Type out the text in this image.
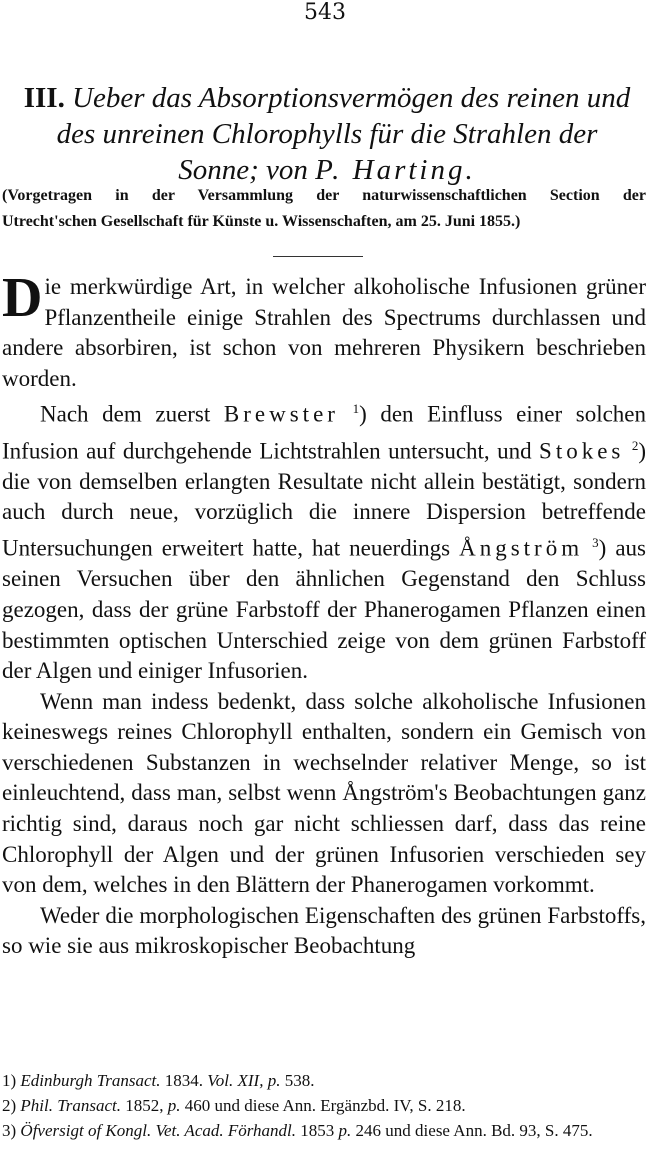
543
III. Ueber das Absorptionsvermögen des reinen und des unreinen Chlorophylls für die Strahlen der Sonne; von P. Harting.
(Vorgetragen in der Versammlung der naturwissenschaftlichen Section der
Utrecht'schen Gesellschaft für Künste u. Wissenschaften, am 25. Juni 1855.)

Die merkwürdige Art, in welcher alkoholische Infusionen grüner Pflanzentheile einige Strahlen des Spectrums durchlassen und andere absorbiren, ist schon von mehreren Physikern beschrieben worden.

Nach dem zuerst Brewster $^1$) den Einfluss einer solchen Infusion auf durchgehende Lichtstrahlen untersucht, und Stokes $^2$) die von demselben erlangten Resultate nicht allein bestätigt, sondern auch durch neue, vorzüglich die innere Dispersion betreffende Untersuchungen erweitert hatte, hat neuerdings Ångström $^3$) aus seinen Versuchen über den ähnlichen Gegenstand den Schluss gezogen, dass der grüne Farbstoff der Phanerogamen Pflanzen einen bestimmten optischen Unterschied zeige von dem grünen Farbstoff der Algen und einiger Infusorien.

Wenn man indess bedenkt, dass solche alkoholische Infusionen keineswegs reines Chlorophyll enthalten, sondern ein Gemisch von verschiedenen Substanzen in wechselnder relativer Menge, so ist einleuchtend, dass man, selbst wenn Ångström's Beobachtungen ganz richtig sind, daraus noch gar nicht schliessen darf, dass das reine Chlorophyll der Algen und der grünen Infusorien verschieden sey von dem, welches in den Blättern der Phanerogamen vorkommt.

Weder die morphologischen Eigenschaften des grünen Farbstoffs, so wie sie aus mikroskopischer Beobachtung

1) Edinburgh Transact. 1834. Vol. XII, p. 538.
2) Phil. Transact. 1852, p. 460 und diese Ann. Ergänzbd. IV, S. 218.
3) Öfversigt of Kongl. Vet. Acad. Förhandl. 1853 p. 246 und diese Ann. Bd. 93, S. 475.
